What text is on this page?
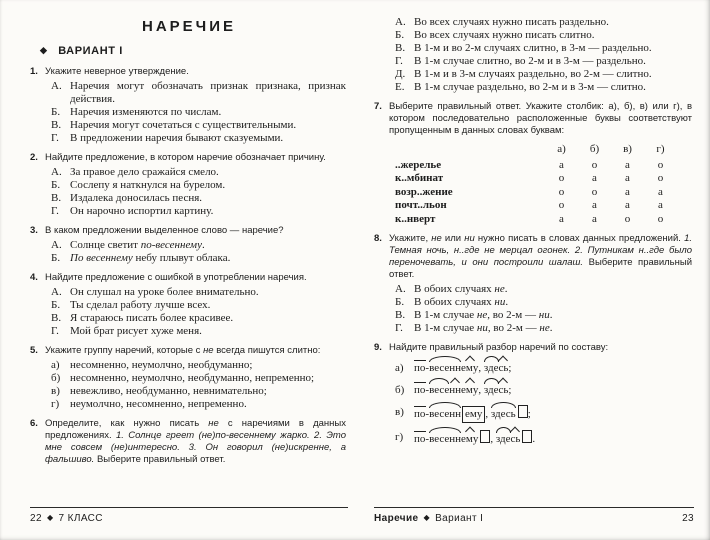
НАРЕЧИЕ
◆ ВАРИАНТ I
1. Укажите неверное утверждение.
А. Наречия могут обозначать признак признака, признак действия.
Б. Наречия изменяются по числам.
В. Наречия могут сочетаться с существительными.
Г.	В предложении наречия бывают сказуемыми.
2. Найдите предложение, в котором наречие обозначает причину.
А. За правое дело сражайся смело.
Б. Сослепу я наткнулся на бурелом.
В. Издалека доносилась песня.
Г.	Он нарочно испортил картину.
3. В каком предложении выделенное слово — наречие?
А. Солнце светит по-весеннему.
Б. По весеннему небу плывут облака.
4. Найдите предложение с ошибкой в употреблении наречия.
А. Он слушал на уроке более внимательно.
Б. Ты сделал работу лучше всех.
В. Я стараюсь писать более красивее.
Г.	Мой брат рисует хуже меня.
5. Укажите группу наречий, которые с не всегда пишутся слитно:
а) несомненно, неумолчно, необдуманно;
б) несомненно, неумолчно, необдуманно, непременно;
в) невежливо, необдуманно, невнимательно;
г) неумолчно, несомненно, непременно.
6. Определите, как нужно писать не с наречиями в данных предложениях. 1. Солнце греет (не)по-весеннему жарко. 2. Это мне совсем (не)интересно. 3. Он говорил (не)искренне, а фальшиво. Выберите правильный ответ.
22 ◆ 7 КЛАСС
А. Во всех случаях нужно писать раздельно.
Б. Во всех случаях нужно писать слитно.
В. В 1-м и во 2-м случаях слитно, в 3-м — раздельно.
Г.	В 1-м случае слитно, во 2-м и в 3-м — раздельно.
Д. В 1-м и в 3-м случаях раздельно, во 2-м — слитно.
Е. В 1-м случае раздельно, во 2-м и в 3-м — слитно.
7. Выберите правильный ответ. Укажите столбик: а), б), в) или г), в котором последовательно расположенные буквы соответствуют пропущенным в данных словах буквам:
а)	б)	в)	г)
..жерелье	а	о	а	о
к..мбинат	о	а	а	о
возр..жение	о	о	а	а
почт..льон	о	а	а	а
к..нверт	а	а	о	о
8. Укажите, не или ни нужно писать в словах данных предложений. 1. Темная ночь, н..где не мерцал огонек. 2. Путникам н..где было переночевать, и они построили шалаш. Выберите правильный ответ.
А. В обоих случаях не.
Б. В обоих случаях ни.
В. В 1-м случае не, во 2-м — ни.
Г.	В 1-м случае ни, во 2-м — не.
9. Найдите правильный разбор наречий по составу:
а) по-весеннему, здесь;
б) по-весеннему, здесь;
в) по-весенн ему , здесь ;
г) по-весеннему , здесь .
Наречие ◆ Вариант I	23
